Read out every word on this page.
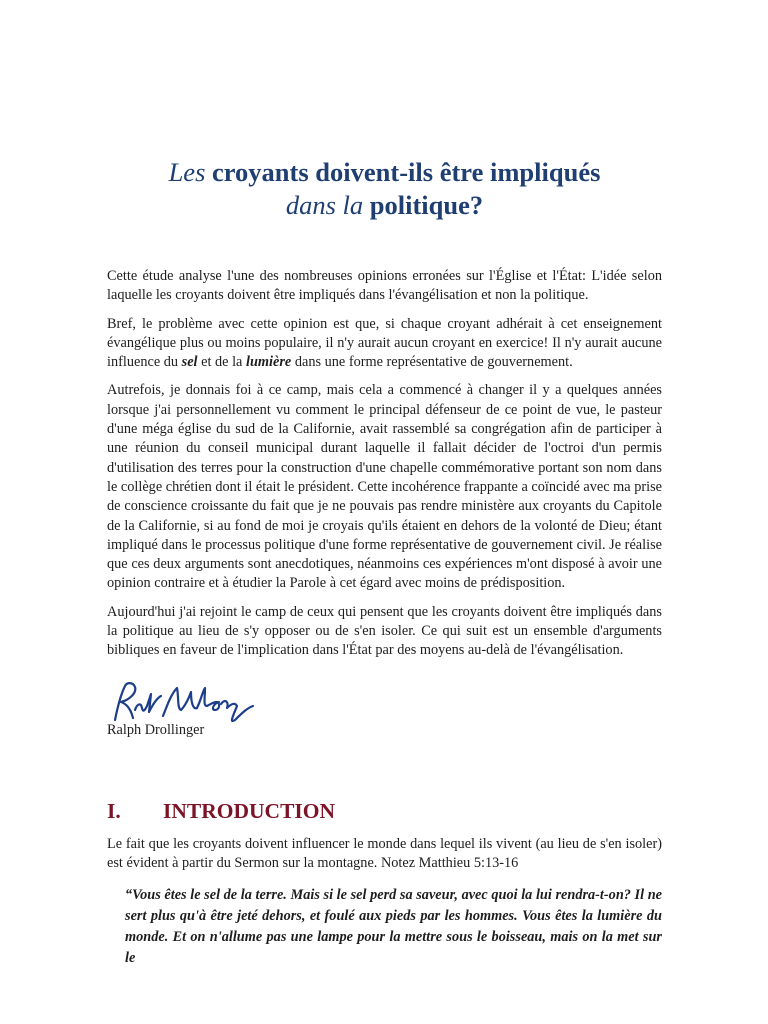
Les croyants doivent-ils être impliqués
dans la politique?

Cette étude analyse l'une des nombreuses opinions erronées sur l'Église et l'État: L'idée selon laquelle les croyants doivent être impliqués dans l'évangélisation et non la politique.

Bref, le problème avec cette opinion est que, si chaque croyant adhérait à cet enseignement évangélique plus ou moins populaire, il n'y aurait aucun croyant en exercice! Il n'y aurait aucune influence du sel et de la lumière dans une forme représentative de gouvernement.

Autrefois, je donnais foi à ce camp, mais cela a commencé à changer il y a quelques années lorsque j'ai personnellement vu comment le principal défenseur de ce point de vue, le pasteur d'une méga église du sud de la Californie, avait rassemblé sa congrégation afin de participer à une réunion du conseil municipal durant laquelle il fallait décider de l'octroi d'un permis d'utilisation des terres pour la construction d'une chapelle commémorative portant son nom dans le collège chrétien dont il était le président. Cette incohérence frappante a coïncidé avec ma prise de conscience croissante du fait que je ne pouvais pas rendre ministère aux croyants du Capitole de la Californie, si au fond de moi je croyais qu'ils étaient en dehors de la volonté de Dieu; étant impliqué dans le processus politique d'une forme représentative de gouvernement civil. Je réalise que ces deux arguments sont anecdotiques, néanmoins ces expériences m'ont disposé à avoir une opinion contraire et à étudier la Parole à cet égard avec moins de prédisposition.

Aujourd'hui j'ai rejoint le camp de ceux qui pensent que les croyants doivent être impliqués dans la politique au lieu de s'y opposer ou de s'en isoler. Ce qui suit est un ensemble d'arguments bibliques en faveur de l'implication dans l'État par des moyens au-delà de l'évangélisation.

Ralph Drollinger
I. INTRODUCTION

Le fait que les croyants doivent influencer le monde dans lequel ils vivent (au lieu de s'en isoler) est évident à partir du Sermon sur la montagne. Notez Matthieu 5:13-16

“Vous êtes le sel de la terre. Mais si le sel perd sa saveur, avec quoi la lui rendra-t-on? Il ne sert plus qu'à être jeté dehors, et foulé aux pieds par les hommes. Vous êtes la lumière du monde. Et on n'allume pas une lampe pour la mettre sous le boisseau, mais on la met sur le
